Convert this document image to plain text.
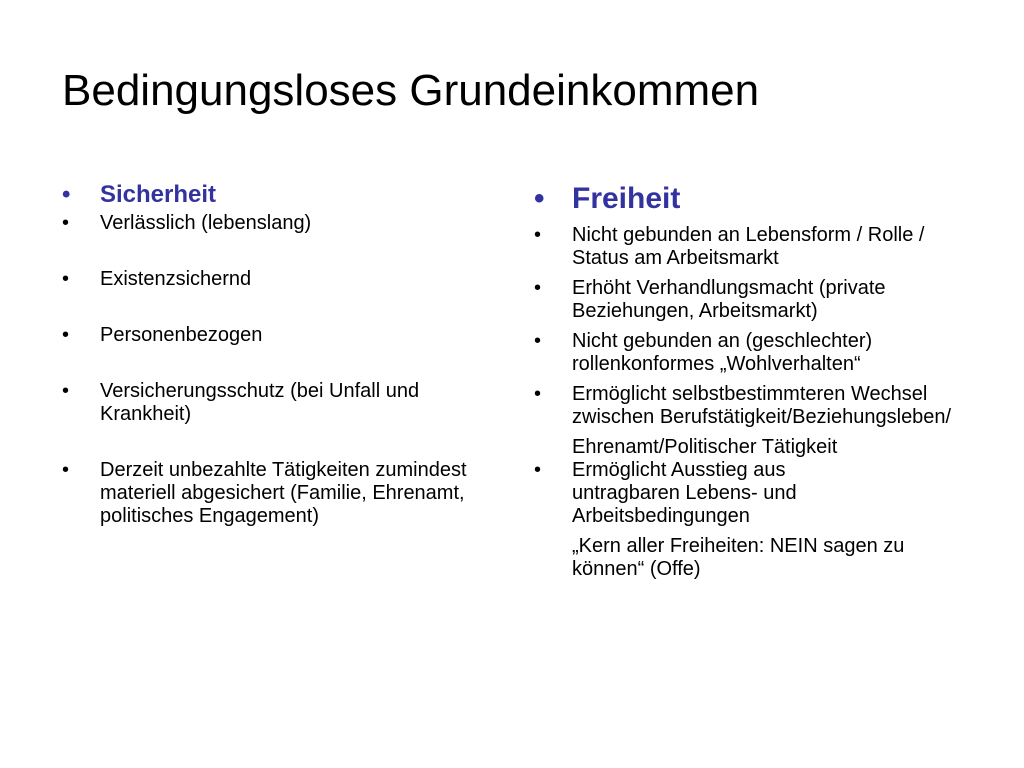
Bedingungsloses Grundeinkommen
• Sicherheit
• Verlässlich (lebenslang)
• Existenzsichernd
• Personenbezogen
• Versicherungsschutz (bei Unfall und Krankheit)
• Derzeit unbezahlte Tätigkeiten zumindest materiell abgesichert (Familie, Ehrenamt, politisches Engagement)
• Freiheit
• Nicht gebunden an Lebensform / Rolle / Status am Arbeitsmarkt
• Erhöht Verhandlungsmacht (private Beziehungen, Arbeitsmarkt)
• Nicht gebunden an (geschlechter) rollenkonformes „Wohlverhalten“
• Ermöglicht selbstbestimmteren Wechsel zwischen Berufstätigkeit/Beziehungsleben/
Ehrenamt/Politischer Tätigkeit
• Ermöglicht Ausstieg aus untragbaren Lebens- und Arbeitsbedingungen
„Kern aller Freiheiten: NEIN sagen zu können“ (Offe)
